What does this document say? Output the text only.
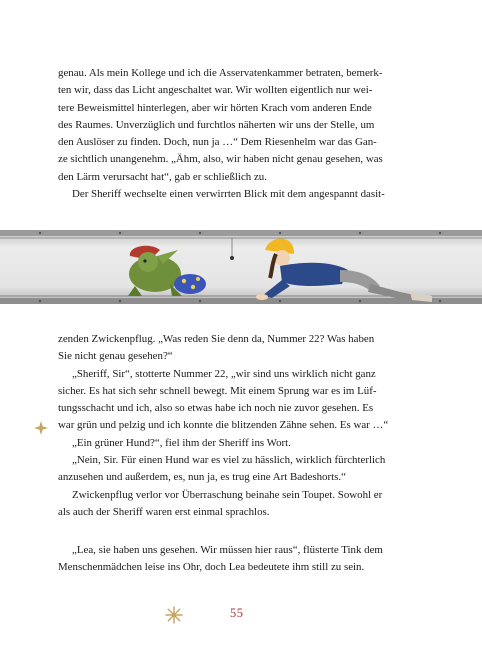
genau. Als mein Kollege und ich die Asservatenkammer betraten, bemerk-

ten wir, dass das Licht angeschaltet war. Wir wollten eigentlich nur wei-

tere Beweismittel hinterlegen, aber wir hörten Krach vom anderen Ende

des Raumes. Unverzüglich und furchtlos näherten wir uns der Stelle, um

den Auslöser zu finden. Doch, nun ja …“ Dem Riesenhelm war das Gan-

ze sichtlich unangenehm. „Ähm, also, wir haben nicht genau gesehen, was

den Lärm verursacht hat“, gab er schließlich zu.

Der Sheriff wechselte einen verwirrten Blick mit dem angespannt dasit-

zenden Zwickenpflug. „Was reden Sie denn da, Nummer 22? Was haben

Sie nicht genau gesehen?“

„Sheriff, Sir“, stotterte Nummer 22, „wir sind uns wirklich nicht ganz

sicher. Es hat sich sehr schnell bewegt. Mit einem Sprung war es im Lüf-

tungsschacht und ich, also so etwas habe ich noch nie zuvor gesehen. Es

war grün und pelzig und ich konnte die blitzenden Zähne sehen. Es war …“

„Ein grüner Hund?“, fiel ihm der Sheriff ins Wort.

„Nein, Sir. Für einen Hund war es viel zu hässlich, wirklich fürchterlich

anzusehen und außerdem, es, nun ja, es trug eine Art Badeshorts.“

Zwickenpflug verlor vor Überraschung beinahe sein Toupet. Sowohl er

als auch der Sheriff waren erst einmal sprachlos.

„Lea, sie haben uns gesehen. Wir müssen hier raus“, flüsterte Tink dem

Menschenmädchen leise ins Ohr, doch Lea bedeutete ihm still zu sein.

55
